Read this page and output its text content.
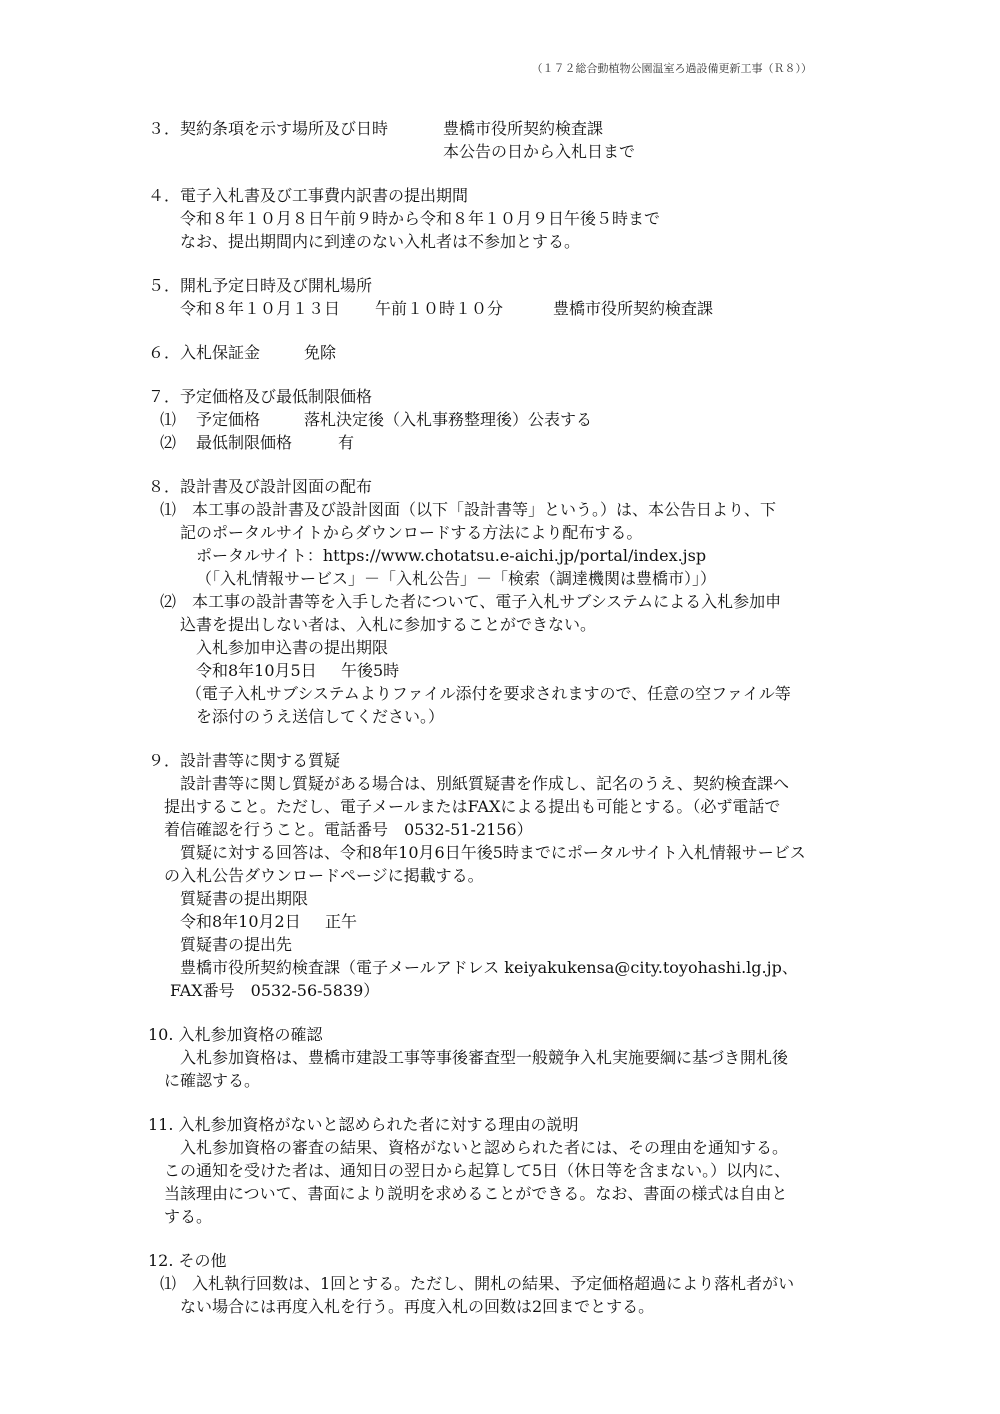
（１７２総合動植物公園温室ろ過設備更新工事（Ｒ８））
３．契約条項を示す場所及び日時	豊橋市役所契約検査課
本公告の日から入札日まで
４．電子入札書及び工事費内訳書の提出期間
令和８年１０月８日午前９時から令和８年１０月９日午後５時まで
なお、提出期間内に到達のない入札者は不参加とする。
５．開札予定日時及び開札場所
令和８年１０月１３日 午前１０時１０分	豊橋市役所契約検査課
６．入札保証金	免除
７．予定価格及び最低制限価格
⑴ 予定価格	落札決定後（入札事務整理後）公表する
⑵ 最低制限価格	有
８．設計書及び設計図面の配布
⑴　本工事の設計書及び設計図面（以下「設計書等」という。）は、本公告日より、下
記のポータルサイトからダウンロードする方法により配布する。
ポータルサイト：https://www.chotatsu.e-aichi.jp/portal/index.jsp
（「入札情報サービス」－「入札公告」－「検索（調達機関は豊橋市）」）
⑵　本工事の設計書等を入手した者について、電子入札サブシステムによる入札参加申
込書を提出しない者は、入札に参加することができない。
入札参加申込書の提出期限
令和8年10月5日 午後5時
（電子入札サブシステムよりファイル添付を要求されますので、任意の空ファイル等
を添付のうえ送信してください。）
９．設計書等に関する質疑
設計書等に関し質疑がある場合は、別紙質疑書を作成し、記名のうえ、契約検査課へ
提出すること。ただし、電子メールまたはFAXによる提出も可能とする。（必ず電話で
着信確認を行うこと。電話番号　0532-51-2156）
質疑に対する回答は、令和8年10月6日午後5時までにポータルサイト入札情報サービス
の入札公告ダウンロードページに掲載する。
質疑書の提出期限
令和8年10月2日 正午
質疑書の提出先
豊橋市役所契約検査課（電子メールアドレス keiyakukensa@city.toyohashi.lg.jp、
FAX番号　0532-56-5839）
10. 入札参加資格の確認
入札参加資格は、豊橋市建設工事等事後審査型一般競争入札実施要綱に基づき開札後
に確認する。
11. 入札参加資格がないと認められた者に対する理由の説明
入札参加資格の審査の結果、資格がないと認められた者には、その理由を通知する。
この通知を受けた者は、通知日の翌日から起算して5日（休日等を含まない。）以内に、
当該理由について、書面により説明を求めることができる。なお、書面の様式は自由と
する。
12. その他
⑴　入札執行回数は、1回とする。ただし、開札の結果、予定価格超過により落札者がい
ない場合には再度入札を行う。再度入札の回数は2回までとする。
